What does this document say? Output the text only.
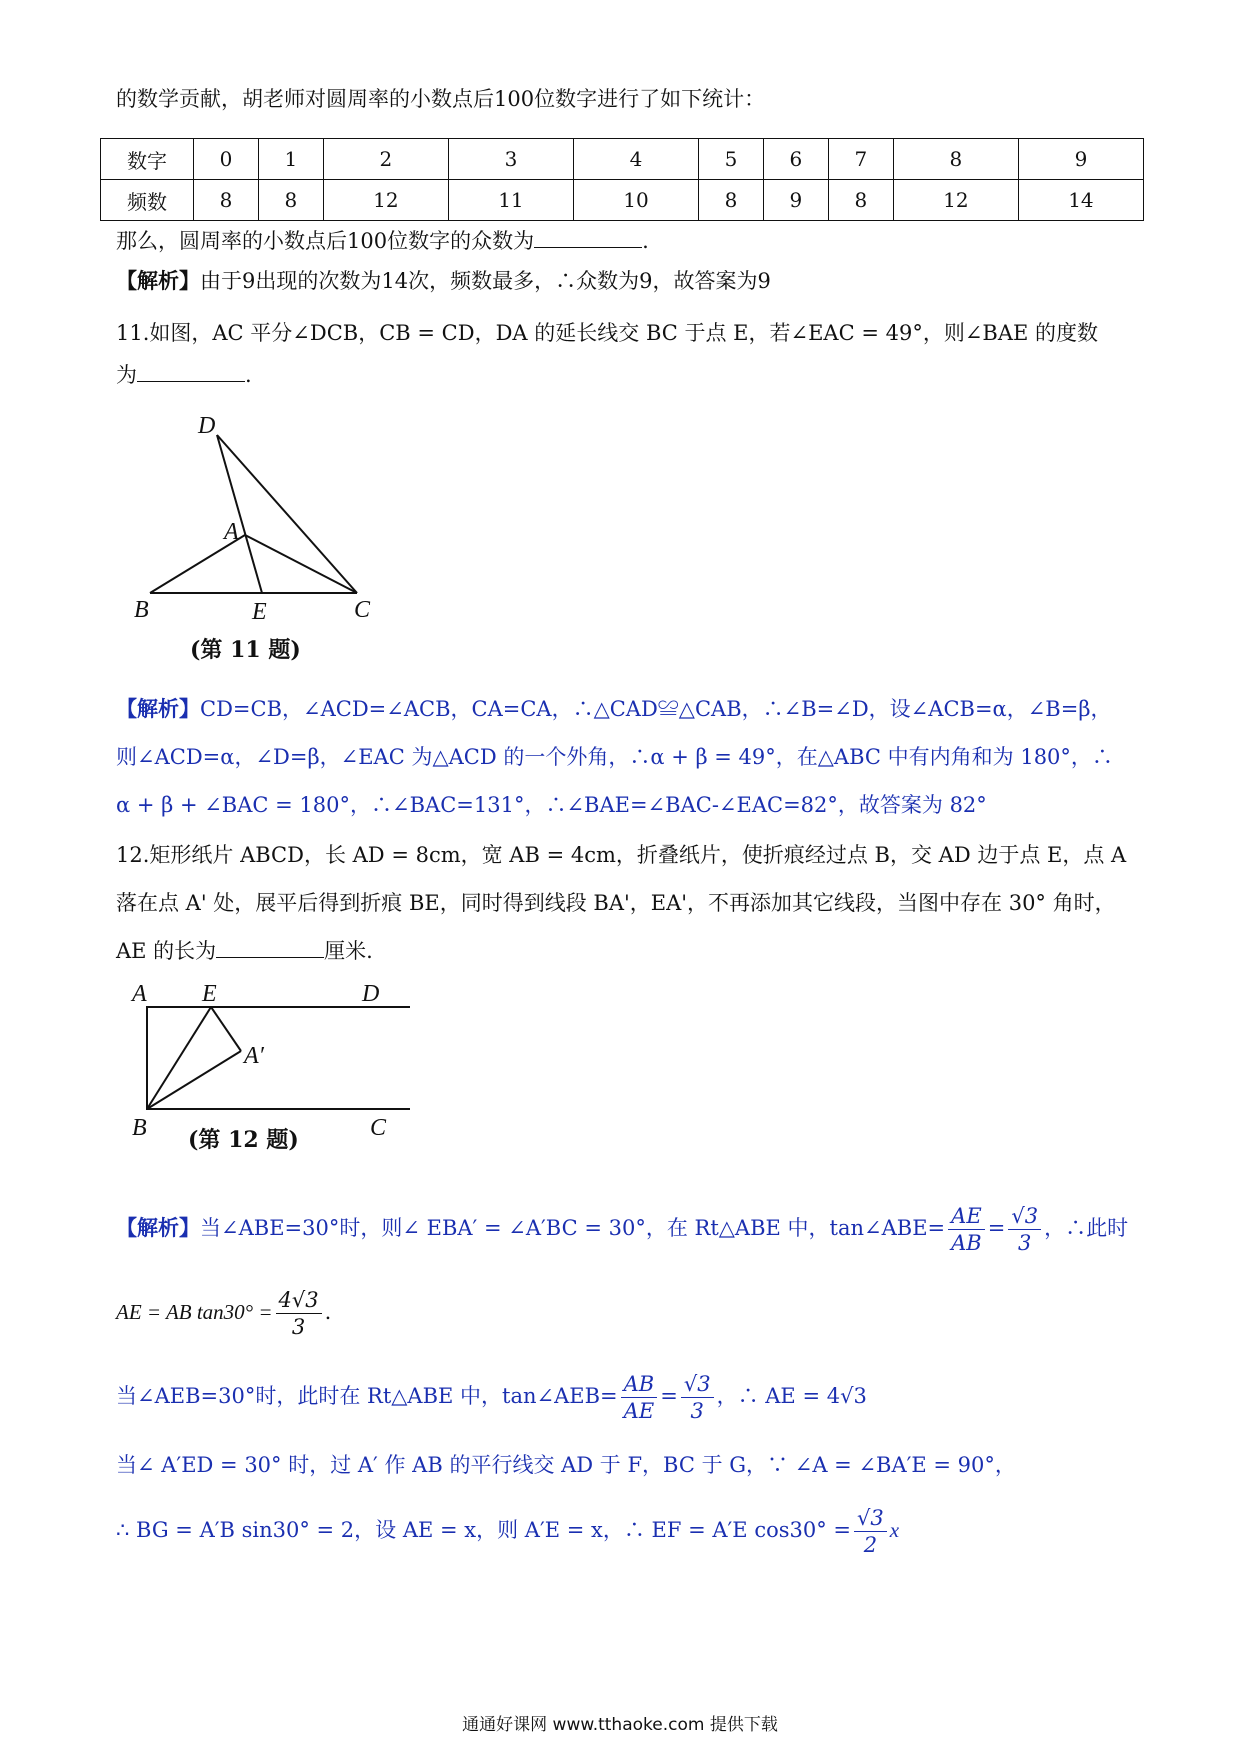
的数学贡献，胡老师对圆周率的小数点后100位数字进行了如下统计：
数字	0	1	2	3	4	5	6	7	8	9
频数	8	8	12	11	10	8	9	8	12	14
那么，圆周率的小数点后100位数字的众数为	.
【解析】由于9出现的次数为14次，频数最多，∴众数为9，故答案为9
11.如图，AC 平分∠DCB，CB = CD，DA 的延长线交 BC 于点 E，若∠EAC = 49°，则∠BAE 的度数
为	.
D
A
B	E	C
(第 11 题)
【解析】CD=CB，∠ACD=∠ACB，CA=CA，∴△CAD≌△CAB，∴∠B=∠D，设∠ACB=α，∠B=β，
则∠ACD=α，∠D=β，∠EAC 为△ACD 的一个外角，∴α + β = 49°，在△ABC 中有内角和为 180°，∴
α + β + ∠BAC = 180°，∴∠BAC=131°，∴∠BAE=∠BAC-∠EAC=82°，故答案为 82°
12.矩形纸片 ABCD，长 AD = 8cm，宽 AB = 4cm，折叠纸片，使折痕经过点 B，交 AD 边于点 E，点 A
落在点 A' 处，展平后得到折痕 BE，同时得到线段 BA'，EA'，不再添加其它线段，当图中存在 30° 角时，
AE 的长为	厘米.
A E	D
A′
B	C
(第 12 题)
【解析】当∠ABE=30°时，则∠ EBA′ = ∠A′BC = 30°，在 Rt△ABE 中，tan∠ABE= $\frac{AE}{AB} = \frac{√3}{3}$ ，∴此时
AE = AB $\tan 30^\circ = \frac{4√3}{3}$ .
当∠AEB=30°时，此时在 Rt△ABE 中，tan∠AEB= $\frac{AB}{AE} = \frac{√3}{3}$ ，∴ AE = 4√3
当∠ A′ED = 30° 时，过 A′ 作 AB 的平行线交 AD 于 F，BC 于 G，∵ ∠A = ∠BA′E = 90°，
∴ BG = A′B sin30° = 2，设 AE = x，则 A′E = x，∴ EF = A′E $\cos 30^\circ = \frac{√3}{2}$ x
通通好课网 www.tthaoke.com 提供下载
